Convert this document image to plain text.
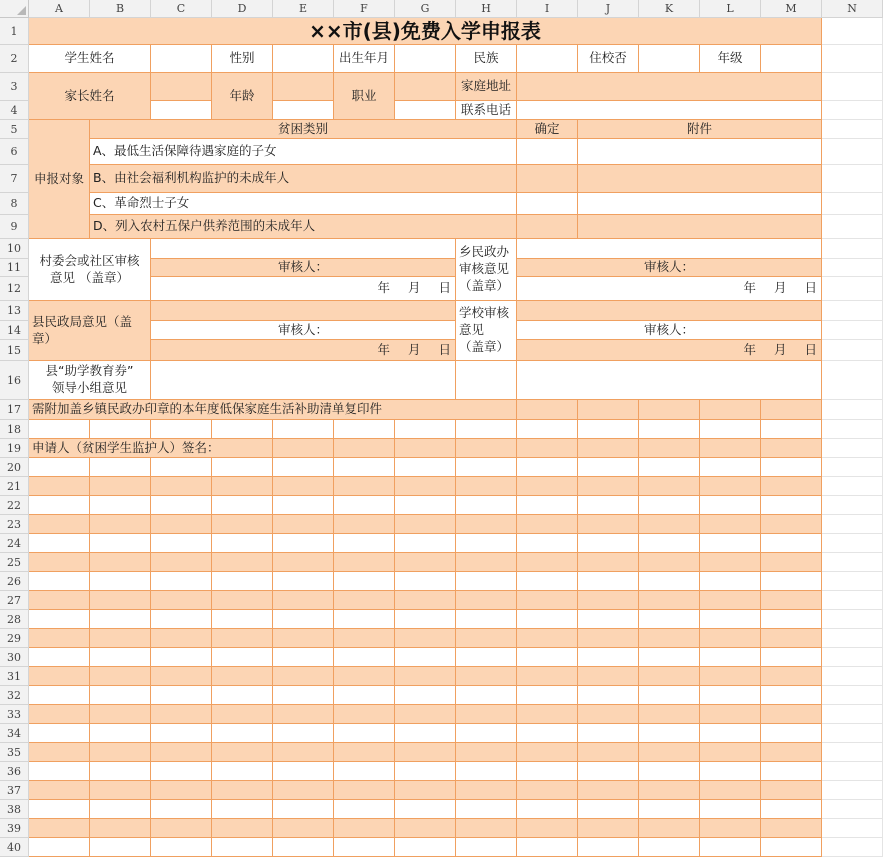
A	B	C	D	E	F	G	H	I	J	K	L	M	N
1
2
3
4
5
6
7
8
9
10
11
12
13
14
15
16
17
18
19
20
21
22
23
24
25
26
27
28
29
30
31
32
33
34
35
36
37
38
39
40
××市(县)免费入学申报表
学生姓名	性别	出生年月	民族	住校否	年级
家长姓名	年龄	职业
家庭地址
联系电话
申报对象
贫困类别	确定	附件
A、最低生活保障待遇家庭的子女
B、由社会福利机构监护的未成年人
C、革命烈士子女
D、列入农村五保户供养范围的未成年人
村委会或社区审核
意见 （盖章）
审核人：
年 月 日
乡民政办
审核意见
（盖章）
审核人：
年 月 日
县民政局意见（盖
章）
审核人：
年 月 日
学校审核
意见
（盖章）
审核人：
年 月 日
县“助学教育券”
领导小组意见
需附加盖乡镇民政办印章的本年度低保家庭生活补助清单复印件
申请人（贫困学生监护人）签名：
